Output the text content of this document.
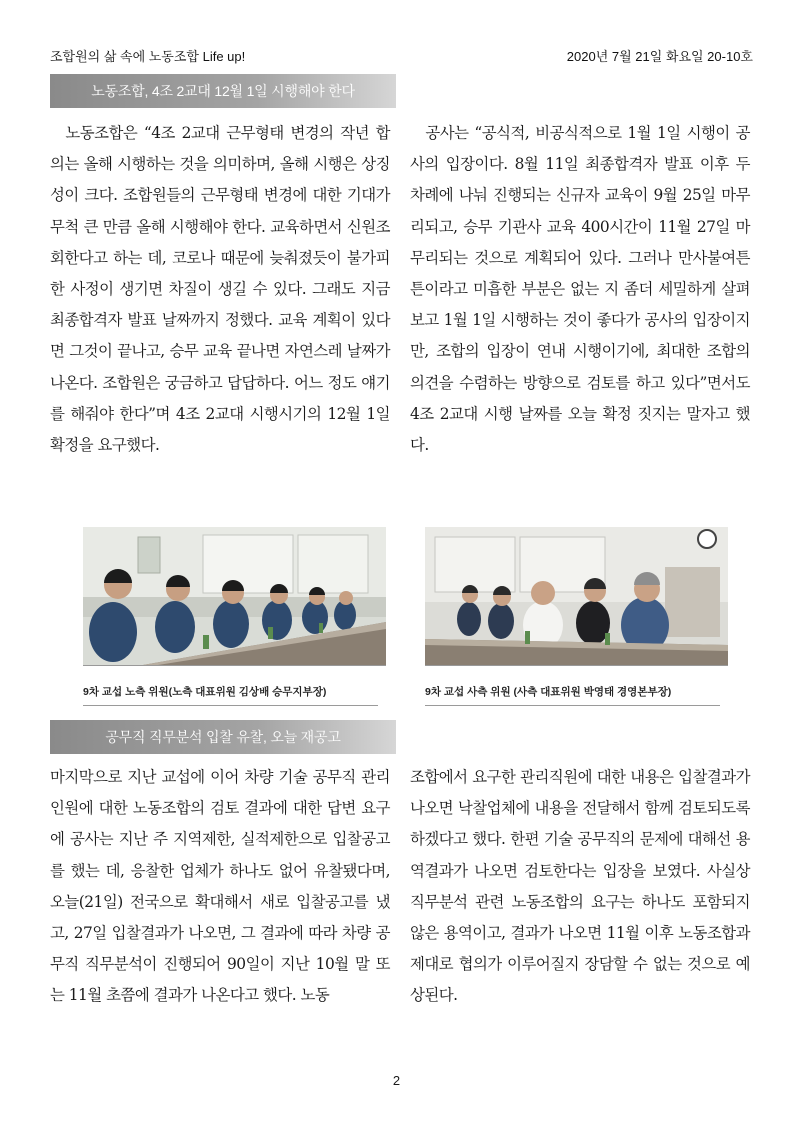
조합원의 삶 속에 노동조합 Life up!	2020년 7월 21일 화요일 20-10호
노동조합, 4조 2교대 12월 1일 시행해야 한다

노동조합은 “4조 2교대 근무형태 변경의 작년 합의는 올해 시행하는 것을 의미하며, 올해 시행은 상징성이 크다. 조합원들의 근무형태 변경에 대한 기대가 무척 큰 만큼 올해 시행해야 한다. 교육하면서 신원조회한다고 하는 데, 코로나 때문에 늦춰졌듯이 불가피한 사정이 생기면 차질이 생길 수 있다. 그래도 지금 최종합격자 발표 날짜까지 정했다. 교육 계획이 있다면 그것이 끝나고, 승무 교육 끝나면 자연스레 날짜가 나온다. 조합원은 궁금하고 답답하다. 어느 정도 얘기를 해줘야 한다”며 4조 2교대 시행시기의 12월 1일 확정을 요구했다.

공사는 “공식적, 비공식적으로 1월 1일 시행이 공사의 입장이다. 8월 11일 최종합격자 발표 이후 두 차례에 나눠 진행되는 신규자 교육이 9월 25일 마무리되고, 승무 기관사 교육 400시간이 11월 27일 마무리되는 것으로 계획되어 있다. 그러나 만사불여튼튼이라고 미흡한 부분은 없는 지 좀더 세밀하게 살펴보고 1월 1일 시행하는 것이 좋다가 공사의 입장이지만, 조합의 입장이 연내 시행이기에, 최대한 조합의 의견을 수렴하는 방향으로 검토를 하고 있다”면서도 4조 2교대 시행 날짜를 오늘 확정 짓지는 말자고 했다.

9차 교섭 노측 위원(노측 대표위원 김상배 승무지부장)	9차 교섭 사측 위원 (사측 대표위원 박영태 경영본부장)
공무직 직무분석 입찰 유찰, 오늘 재공고

마지막으로 지난 교섭에 이어 차량 기술 공무직 관리인원에 대한 노동조합의 검토 결과에 대한 답변 요구에 공사는 지난 주 지역제한, 실적제한으로 입찰공고를 했는 데, 응찰한 업체가 하나도 없어 유찰됐다며, 오늘(21일) 전국으로 확대해서 새로 입찰공고를 냈고, 27일 입찰결과가 나오면, 그 결과에 따라 차량 공무직 직무분석이 진행되어 90일이 지난 10월 말 또는 11월 초쯤에 결과가 나온다고 했다. 노동

조합에서 요구한 관리직원에 대한 내용은 입찰결과가 나오면 낙찰업체에 내용을 전달해서 함께 검토되도록 하겠다고 했다. 한편 기술 공무직의 문제에 대해선 용역결과가 나오면 검토한다는 입장을 보였다. 사실상 직무분석 관련 노동조합의 요구는 하나도 포함되지 않은 용역이고, 결과가 나오면 11월 이후 노동조합과 제대로 협의가 이루어질지 장담할 수 없는 것으로 예상된다.

2
